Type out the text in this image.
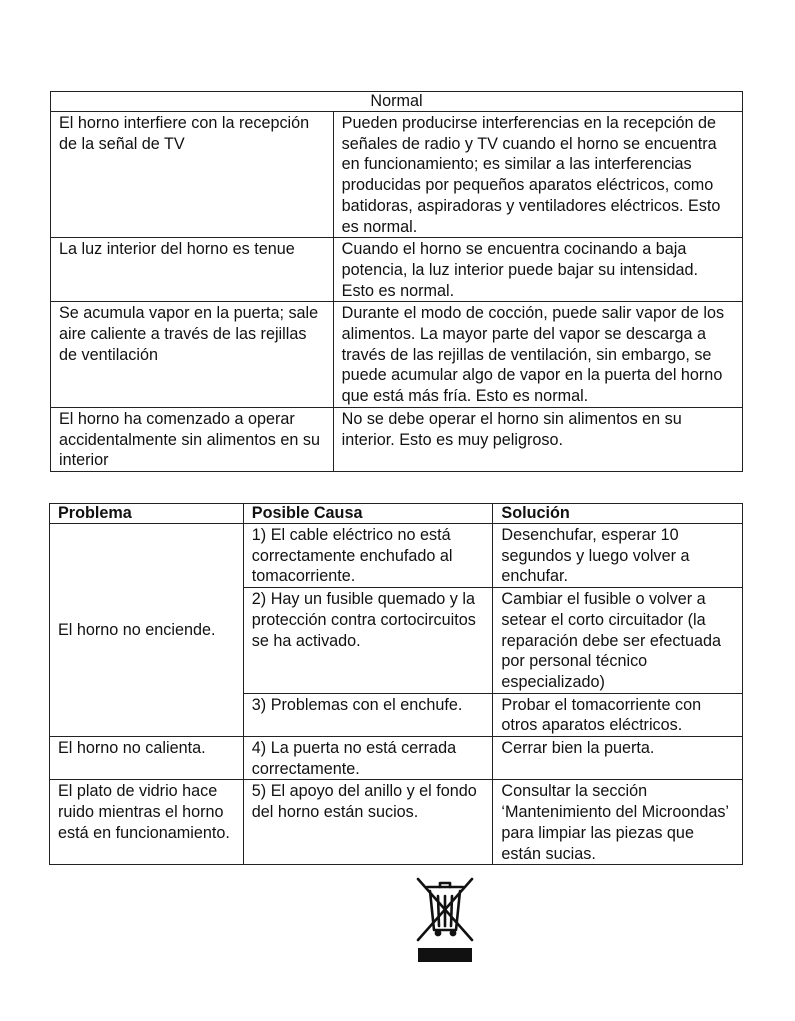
Normal	
El horno interfiere con la recepción de la señal de TV	Pueden producirse interferencias en la recepción de señales de radio y TV cuando el horno se encuentra en funcionamiento; es similar a las interferencias producidas por pequeños aparatos eléctricos, como batidoras, aspiradoras y ventiladores eléctricos. Esto es normal.
La luz interior del horno es tenue	Cuando el horno se encuentra cocinando a baja potencia, la luz interior puede bajar su intensidad. Esto es normal.
Se acumula vapor en la puerta; sale aire caliente a través de las rejillas de ventilación	Durante el modo de cocción, puede salir vapor de los alimentos. La mayor parte del vapor se descarga a través de las rejillas de ventilación, sin embargo, se puede acumular algo de vapor en la puerta del horno que está más fría. Esto es normal.
El horno ha comenzado a operar accidentalmente sin alimentos en su interior	No se debe operar el horno sin alimentos en su interior. Esto es muy peligroso.
Problema	Posible Causa	Solución
El horno no enciende.	1) El cable eléctrico no está correctamente enchufado al tomacorriente.	Desenchufar, esperar 10 segundos y luego volver a enchufar.
	2) Hay un fusible quemado y la protección contra cortocircuitos se ha activado.	Cambiar el fusible o volver a setear el corto circuitador (la reparación debe ser efectuada por personal técnico especializado)
	3) Problemas con el enchufe.	Probar el tomacorriente con otros aparatos eléctricos.
El horno no calienta.	4) La puerta no está cerrada correctamente.	Cerrar bien la puerta.
El plato de vidrio hace ruido mientras el horno está en funcionamiento.	5) El apoyo del anillo y el fondo del horno están sucios.	Consultar la sección ‘Mantenimiento del Microondas’ para limpiar las piezas que están sucias.
